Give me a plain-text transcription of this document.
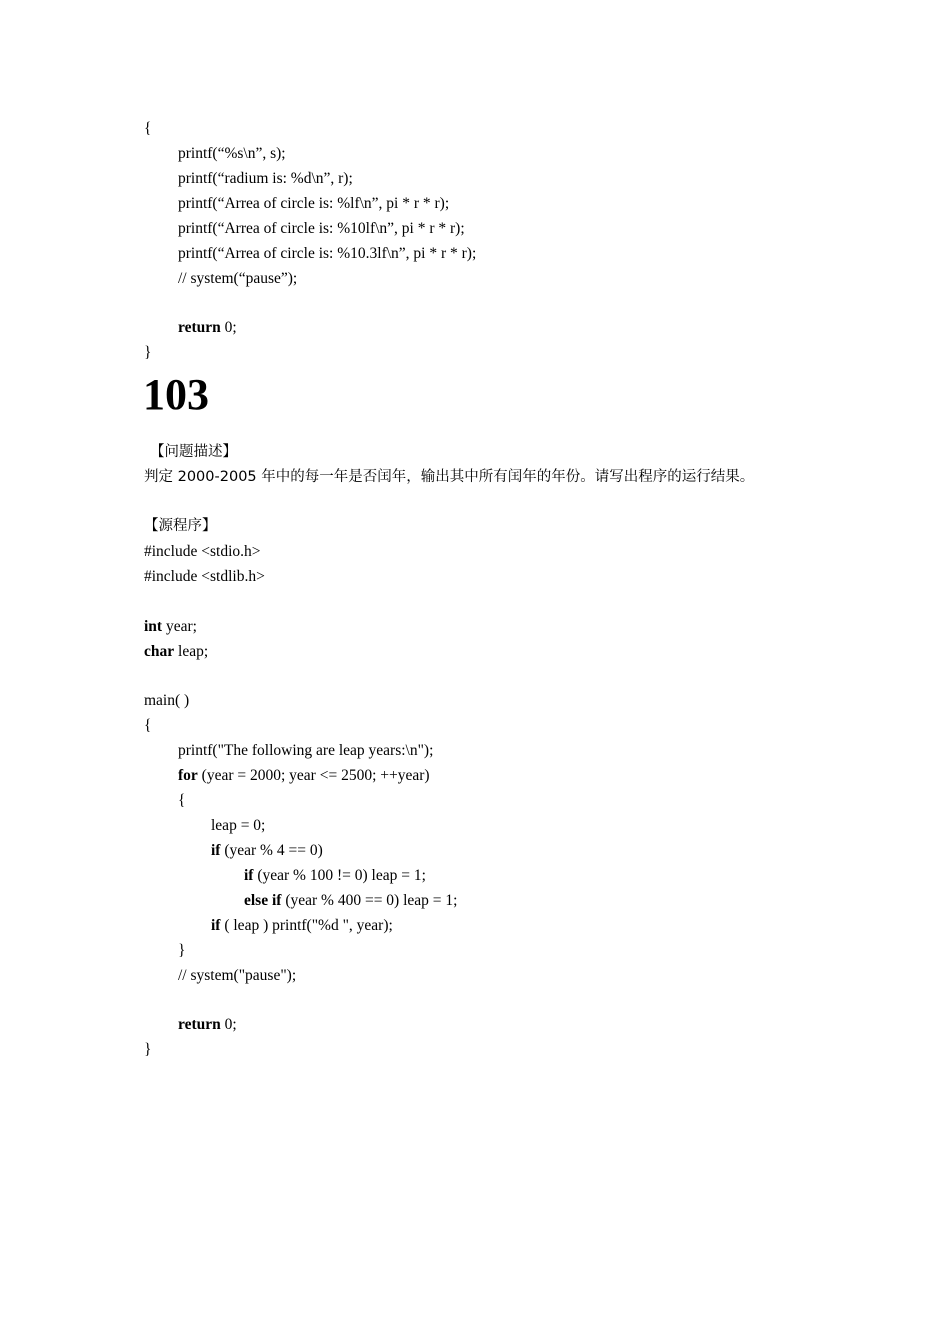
{
printf(“%s\n”, s);
printf(“radium is: %d\n”, r);
printf(“Arrea of circle is: %lf\n”, pi * r * r);
printf(“Arrea of circle is: %10lf\n”, pi * r * r);
printf(“Arrea of circle is: %10.3lf\n”, pi * r * r);
// system(“pause”);
return 0;
}
103
【问题描述】
判定 2000-2005 年中的每一年是否闰年，输出其中所有闰年的年份。请写出程序的运行结果。
【源程序】
#include <stdio.h>
#include <stdlib.h>
int year;
char leap;
main( )
{
printf("The following are leap years:\n");
for (year = 2000; year <= 2500; ++year)
{
leap = 0;
if (year % 4 == 0)
if (year % 100 != 0) leap = 1;
else if (year % 400 == 0) leap = 1;
if ( leap ) printf("%d ", year);
}
// system("pause");
return 0;
}
